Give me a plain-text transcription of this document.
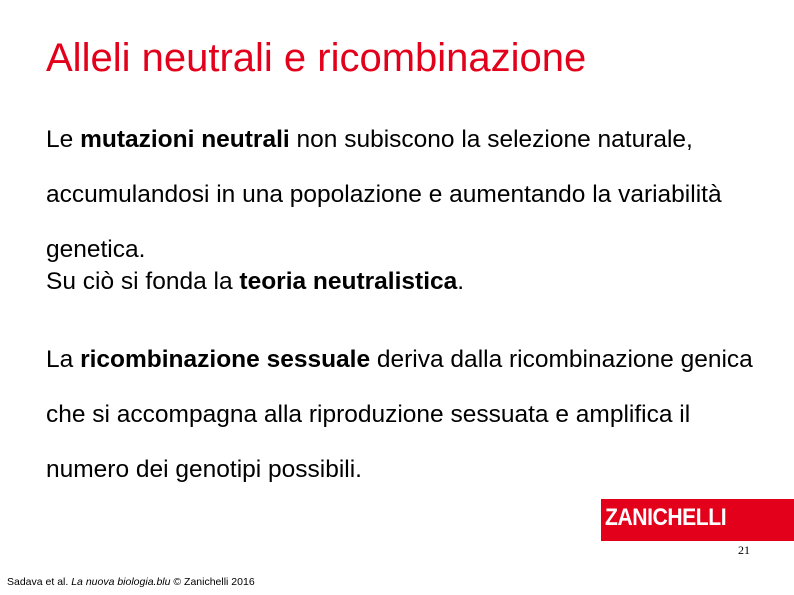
Alleli neutrali e ricombinazione

Le mutazioni neutrali non subiscono la selezione naturale, accumulandosi in una popolazione e aumentando la variabilità genetica.

Su ciò si fonda la teoria neutralistica.

La ricombinazione sessuale deriva dalla ricombinazione genica che si accompagna alla riproduzione sessuata e amplifica il numero dei genotipi possibili.

ZANICHELLI
21
Sadava et al. La nuova biologia.blu © Zanichelli 2016
